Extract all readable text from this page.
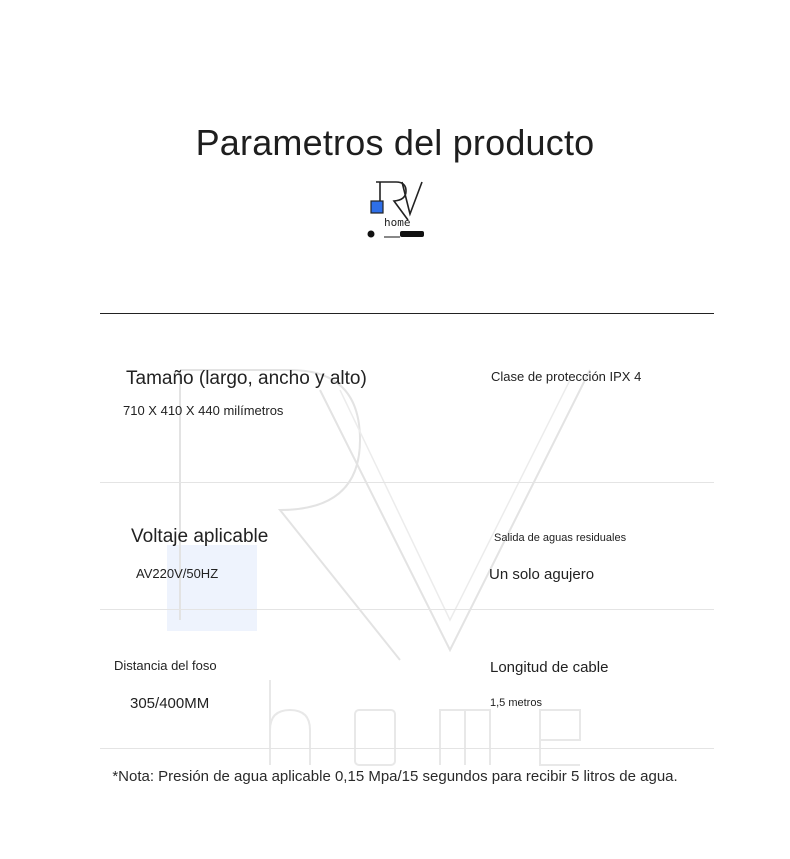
Parametros del producto
home
Tamaño (largo, ancho y alto)
710 X 410 X 440 milímetros
Clase de protección IPX 4
Voltaje aplicable
AV220V/50HZ
Salida de aguas residuales
Un solo agujero
Distancia del foso
305/400MM
Longitud de cable
1,5 metros
*Nota: Presión de agua aplicable 0,15 Mpa/15 segundos para recibir 5 litros de agua.
